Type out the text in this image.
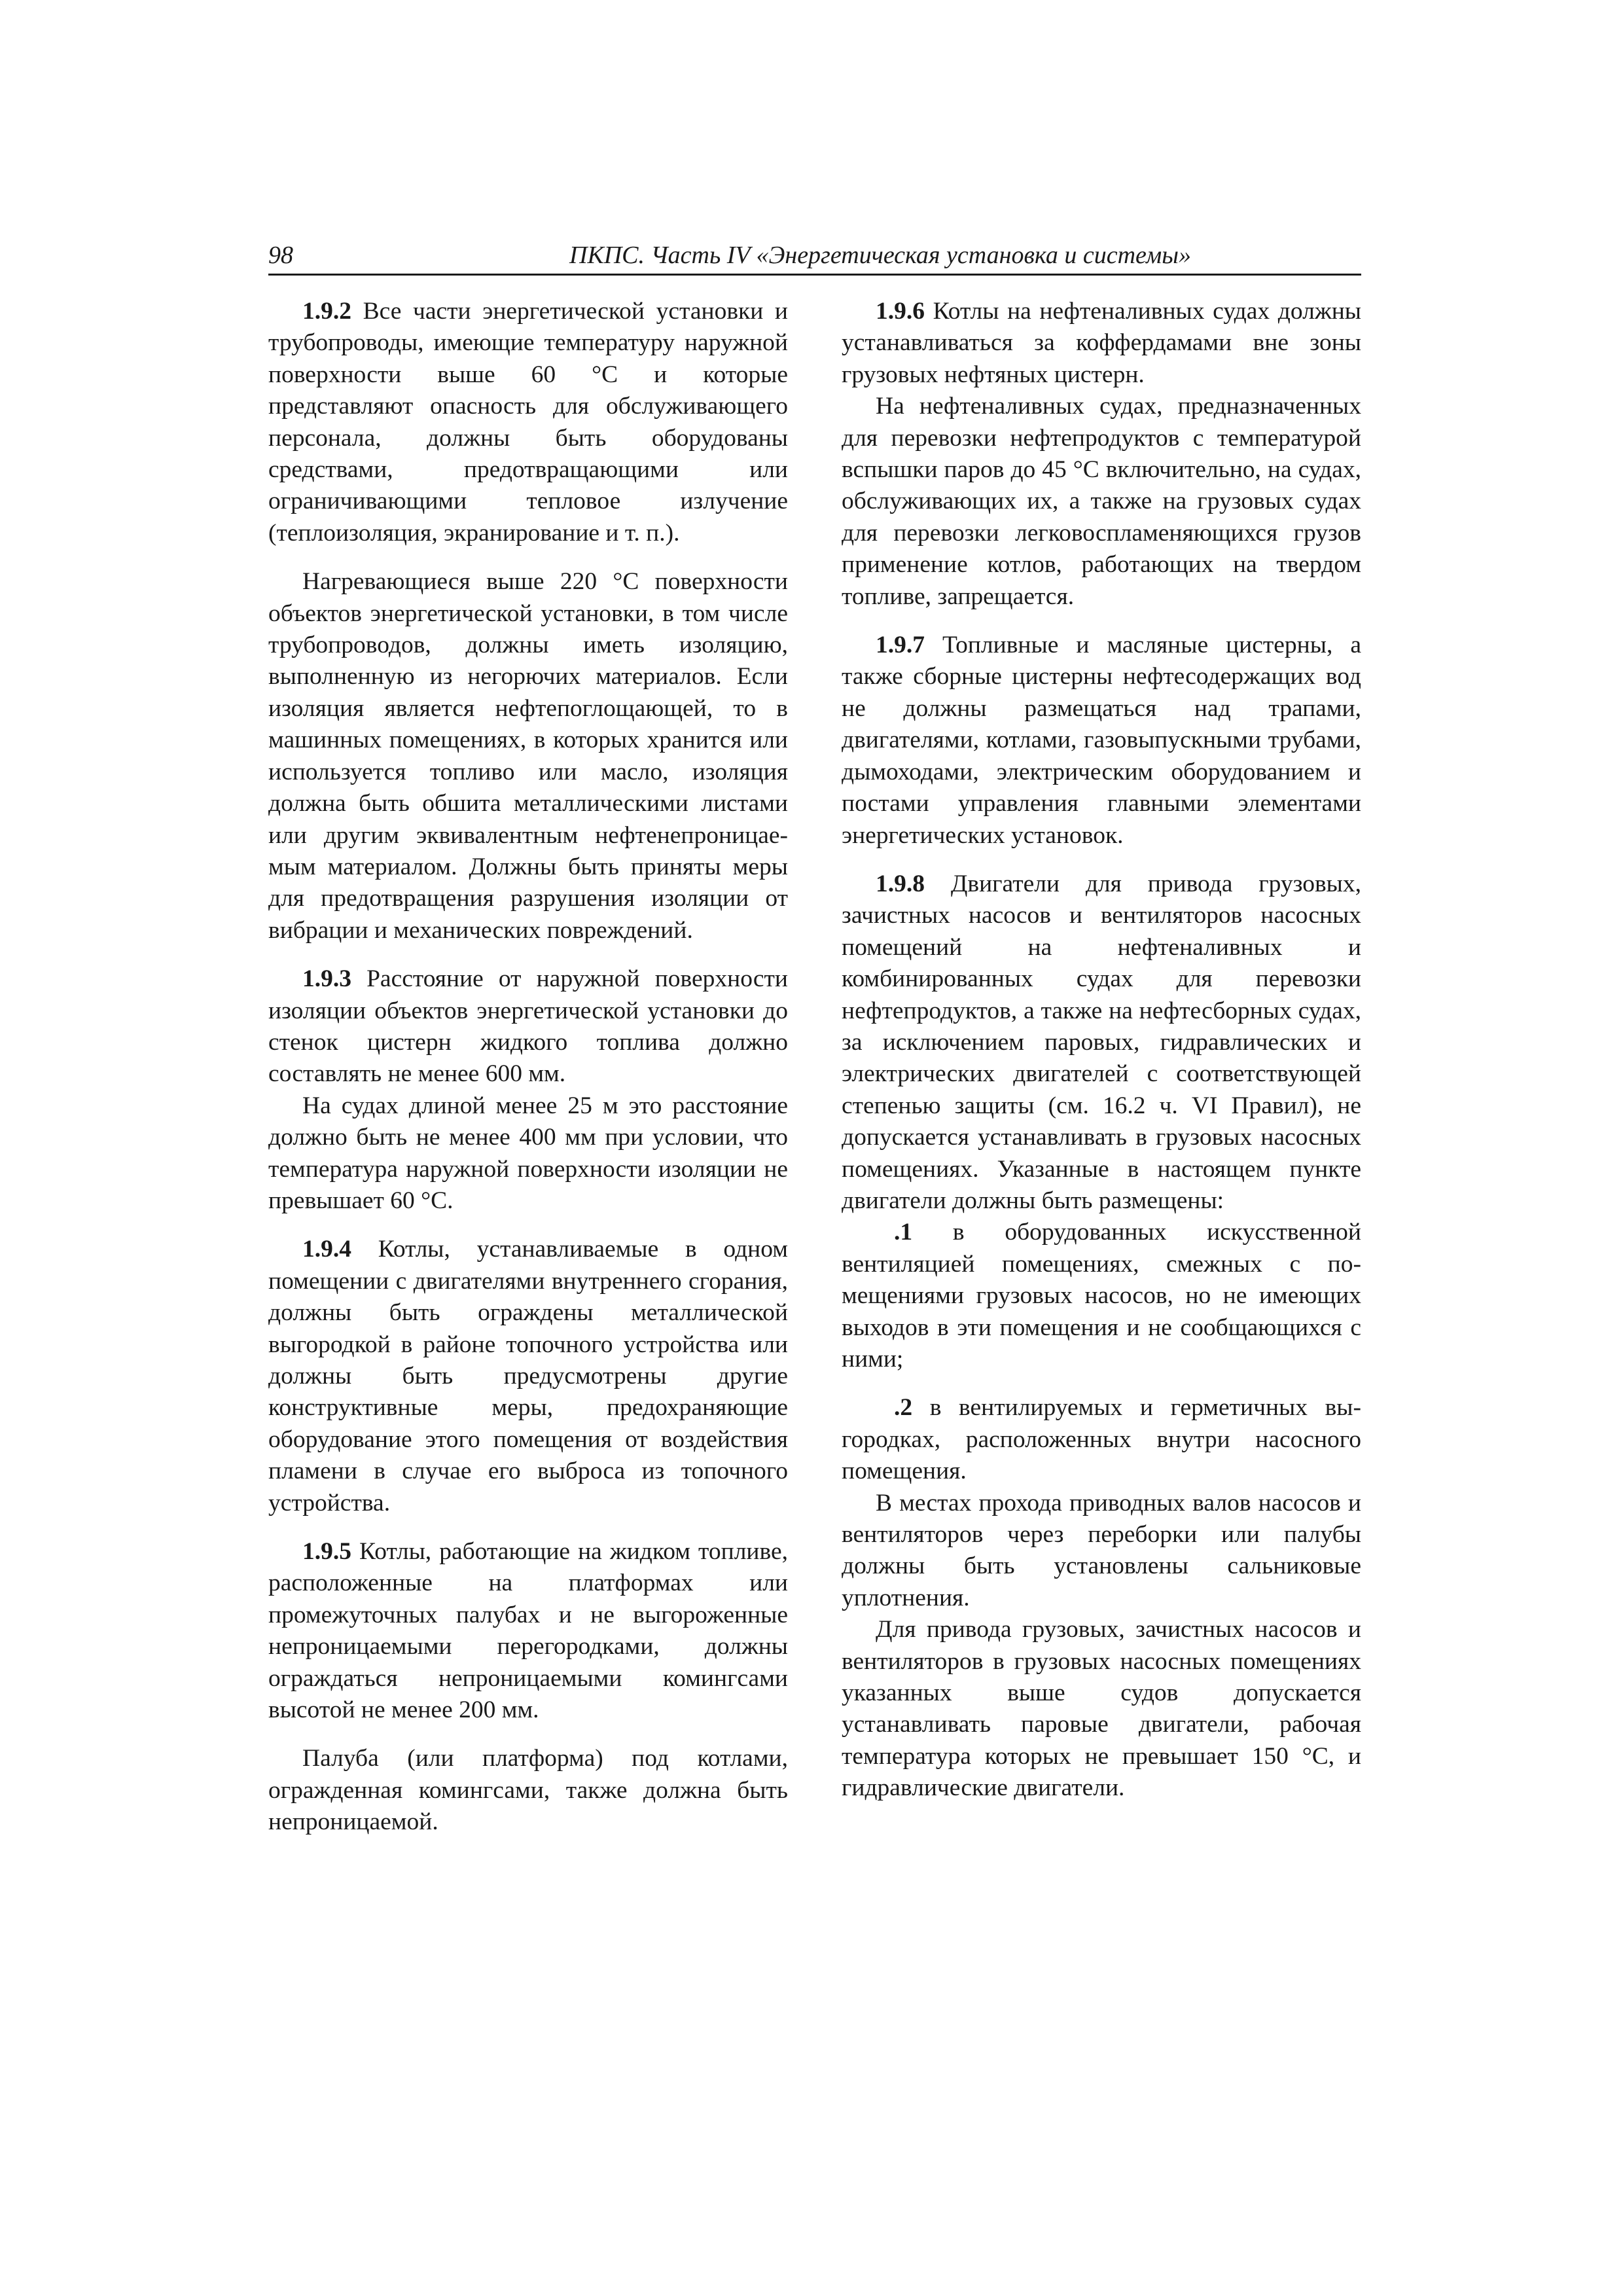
98	ПКПС. Часть IV «Энергетическая установка и системы»

1.9.2 Все части энергетической установки и трубопроводы, имеющие температуру наружной поверхности выше 60 °С и которые представляют опасность для обслуживающего персонала, должны быть оборудованы средствами, предотвращающими или ограничивающими тепловое излучение (теплоизоляция, экранирование и т. п.).

Нагревающиеся выше 220 °С поверхности объектов энергетической установки, в том числе трубопроводов, должны иметь изоляцию, выполненную из негорючих материалов. Если изоляция является нефтепоглощающей, то в машинных помещениях, в которых хранится или используется топливо или масло, изоляция должна быть обшита металлическими листами или другим эквивалентным нефтенепроницаемым материалом. Должны быть приняты меры для предотвращения разрушения изоляции от вибрации и механических повреждений.

1.9.3 Расстояние от наружной поверхности изоляции объектов энергетической установки до стенок цистерн жидкого топлива должно составлять не менее 600 мм.

На судах длиной менее 25 м это расстояние должно быть не менее 400 мм при условии, что температура наружной поверхности изоляции не превышает 60 °С.

1.9.4 Котлы, устанавливаемые в одном помещении с двигателями внутреннего сгорания, должны быть ограждены металлической выгородкой в районе топочного устройства или должны быть предусмотрены другие конструктивные меры, предохраняющие оборудование этого помещения от воздействия пламени в случае его выброса из топочного устройства.

1.9.5 Котлы, работающие на жидком топливе, расположенные на платформах или промежуточных палубах и не выгороженные непроницаемыми перегородками, должны ограждаться непроницаемыми комингсами высотой не менее 200 мм.

Палуба (или платформа) под котлами, огражденная комингсами, также должна быть непроницаемой.

1.9.6 Котлы на нефтеналивных судах должны устанавливаться за коффердамами вне зоны грузовых нефтяных цистерн.

На нефтеналивных судах, предназначенных для перевозки нефтепродуктов с температурой вспышки паров до 45 °С включительно, на судах, обслуживающих их, а также на грузовых судах для перевозки легковоспламеняющихся грузов применение котлов, работающих на твердом топливе, запрещается.

1.9.7 Топливные и масляные цистерны, а также сборные цистерны нефтесодержащих вод не должны размещаться над трапами, двигателями, котлами, газовыпускными трубами, дымоходами, электрическим оборудованием и постами управления главными элементами энергетических установок.

1.9.8 Двигатели для привода грузовых, зачистных насосов и вентиляторов насосных помещений на нефтеналивных и комбинированных судах для перевозки нефтепродуктов, а также на нефтесборных судах, за исключением паровых, гидравлических и электрических двигателей с соответствующей степенью защиты (см. 16.2 ч. VI Правил), не допускается устанавливать в грузовых насосных помещениях. Указанные в настоящем пункте двигатели должны быть размещены:

.1 в оборудованных искусственной вентиляцией помещениях, смежных с помещениями грузовых насосов, но не имеющих выходов в эти помещения и не сообщающихся с ними;

.2 в вентилируемых и герметичных выгородках, расположенных внутри насосного помещения.

В местах прохода приводных валов насосов и вентиляторов через переборки или палубы должны быть установлены сальниковые уплотнения.

Для привода грузовых, зачистных насосов и вентиляторов в грузовых насосных помещениях указанных выше судов допускается устанавливать паровые двигатели, рабочая температура которых не превышает 150 °С, и гидравлические двигатели.
